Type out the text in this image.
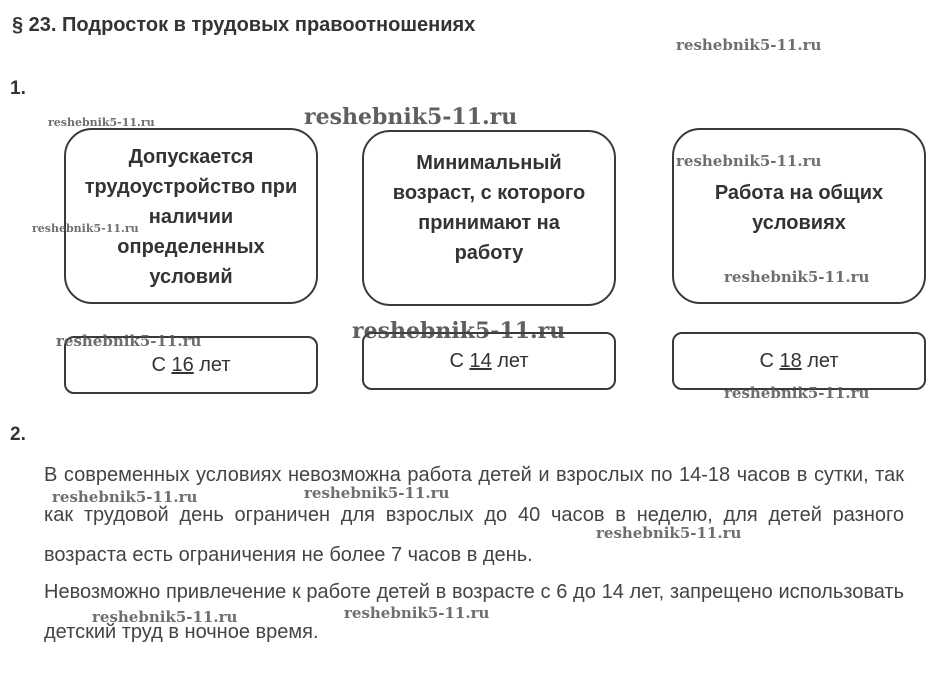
§ 23. Подросток в трудовых правоотношениях
1.
Допускается трудоустройство при наличии определенных условий
Минимальный возраст, с которого принимают на работу
Работа на общих условиях
С 16 лет	С 14 лет	С 18 лет
2.

В современных условиях невозможна работа детей и взрослых по 14-18 часов в сутки, так как трудовой день ограничен для взрослых до 40 часов в неделю, для детей разного возраста есть ограничения не более 7 часов в день.

Невозможно привлечение к работе детей в возрасте с 6 до 14 лет, запрещено использовать детский труд в ночное время.

reshebnik5-11.ru
reshebnik5-11.ru
reshebnik5-11.ru
reshebnik5-11.ru
reshebnik5-11.ru
reshebnik5-11.ru
reshebnik5-11.ru
reshebnik5-11.ru
reshebnik5-11.ru
reshebnik5-11.ru	reshebnik5-11.ru
reshebnik5-11.ru
reshebnik5-11.ru	reshebnik5-11.ru
